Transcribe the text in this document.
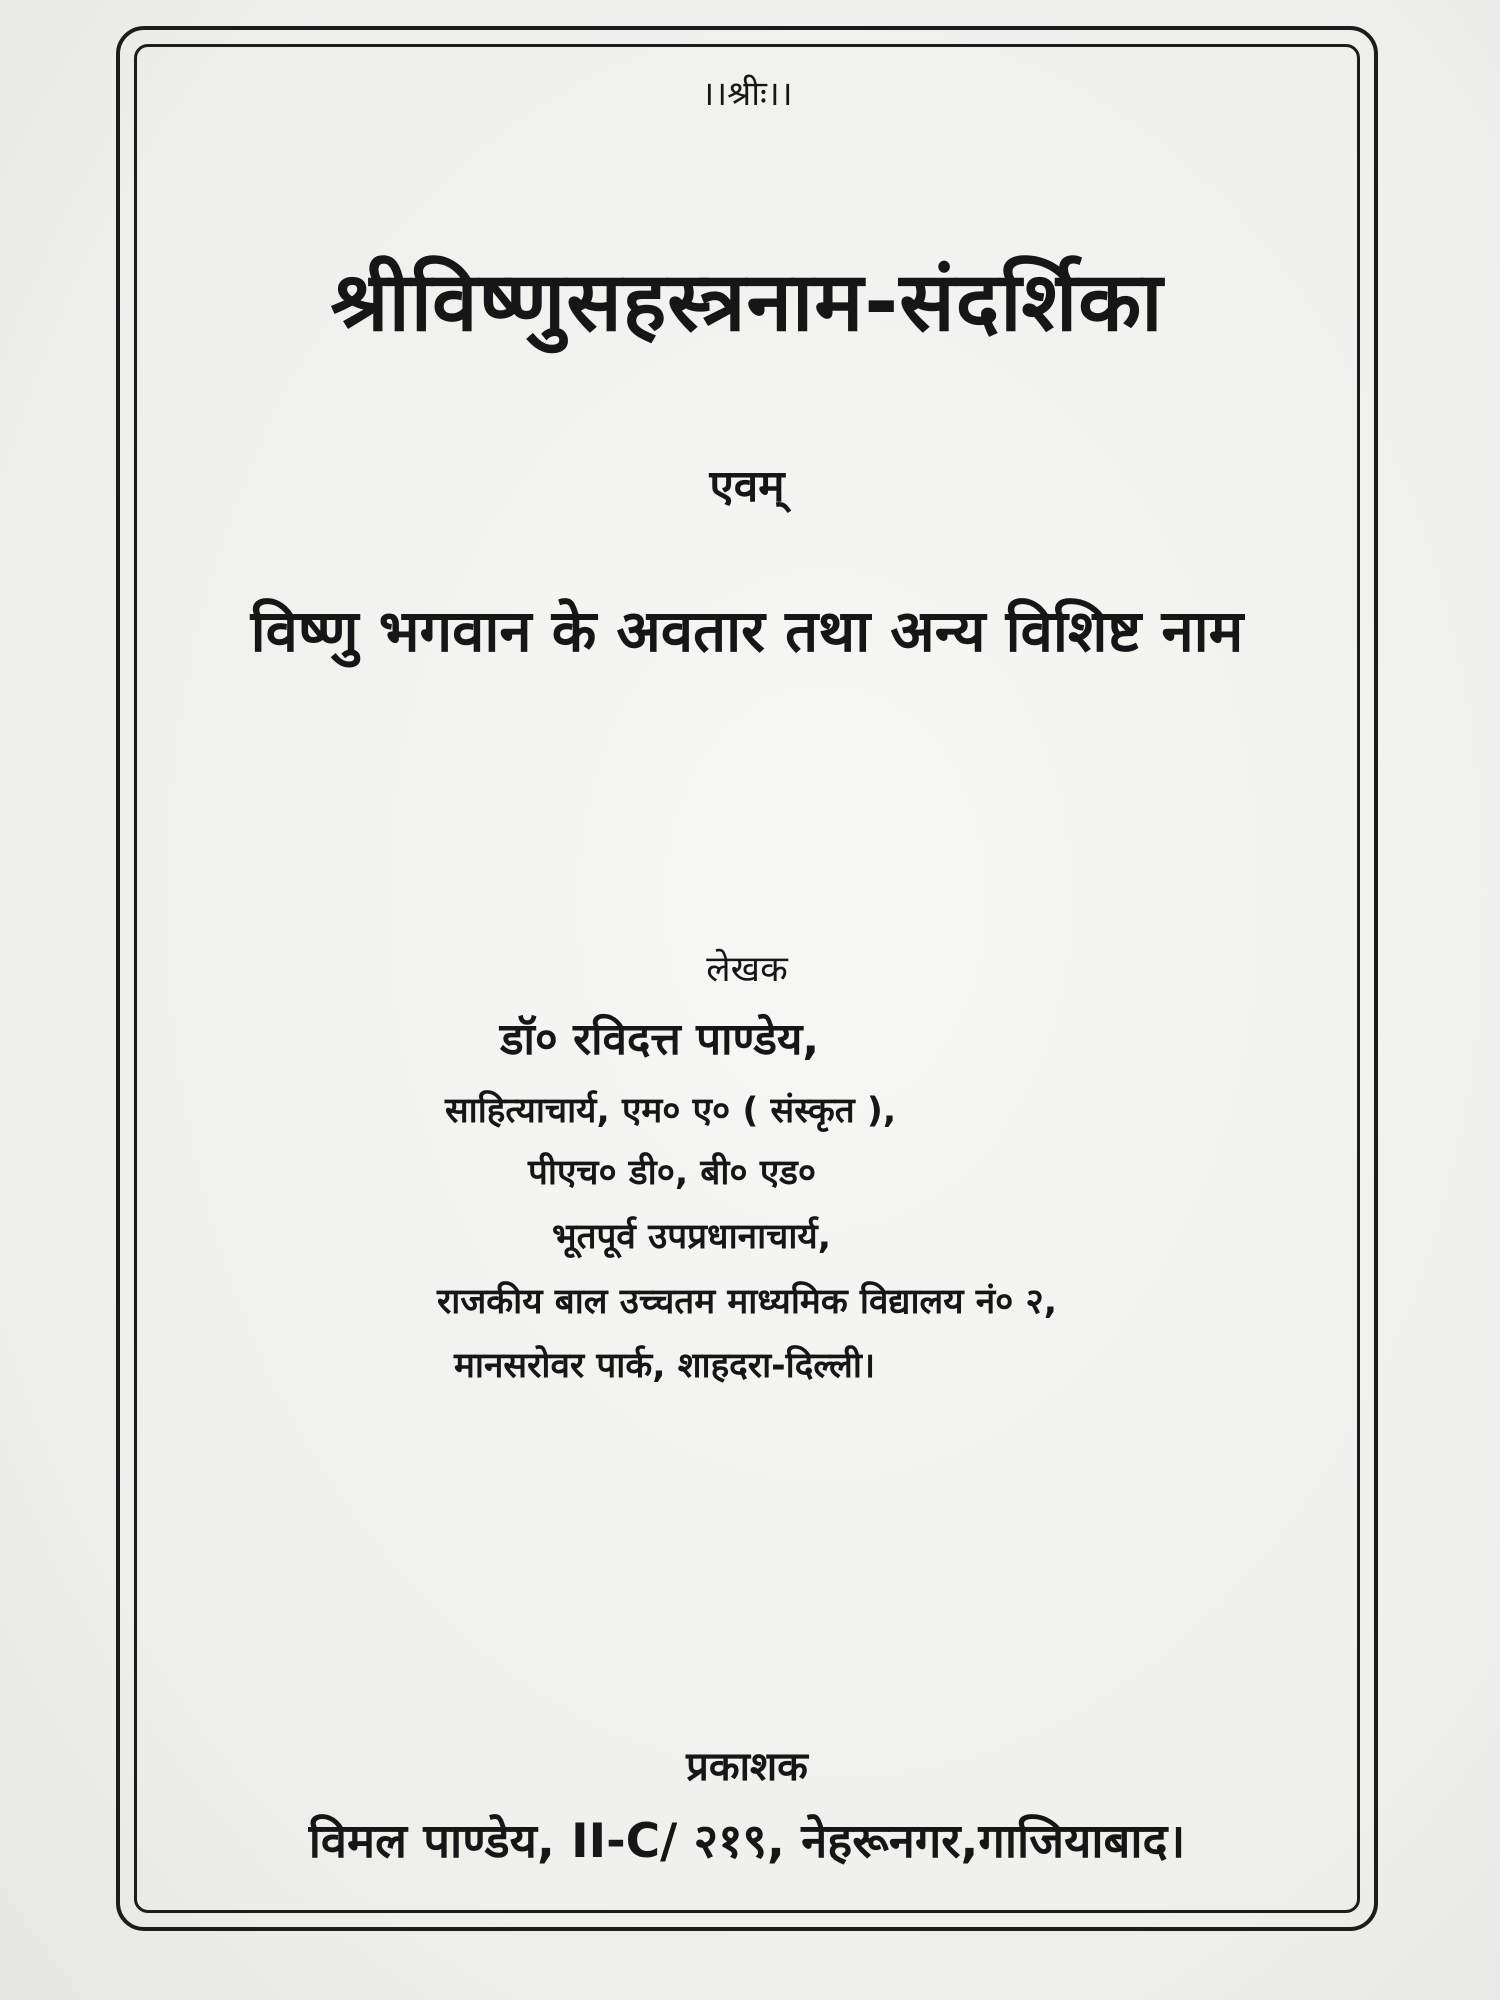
।।श्रीः।।
श्रीविष्णुसहस्त्रनाम-संदर्शिका
एवम्
विष्णु भगवान के अवतार तथा अन्य विशिष्ट नाम
लेखक
डॉ० रविदत्त पाण्डेय,
साहित्याचार्य, एम० ए० ( संस्कृत ),
पीएच० डी०, बी० एड०
भूतपूर्व उपप्रधानाचार्य,
राजकीय बाल उच्चतम माध्यमिक विद्यालय नं० २,
मानसरोवर पार्क, शाहदरा-दिल्ली।
प्रकाशक
विमल पाण्डेय, II-C/ २१९, नेहरूनगर,गाजियाबाद।
